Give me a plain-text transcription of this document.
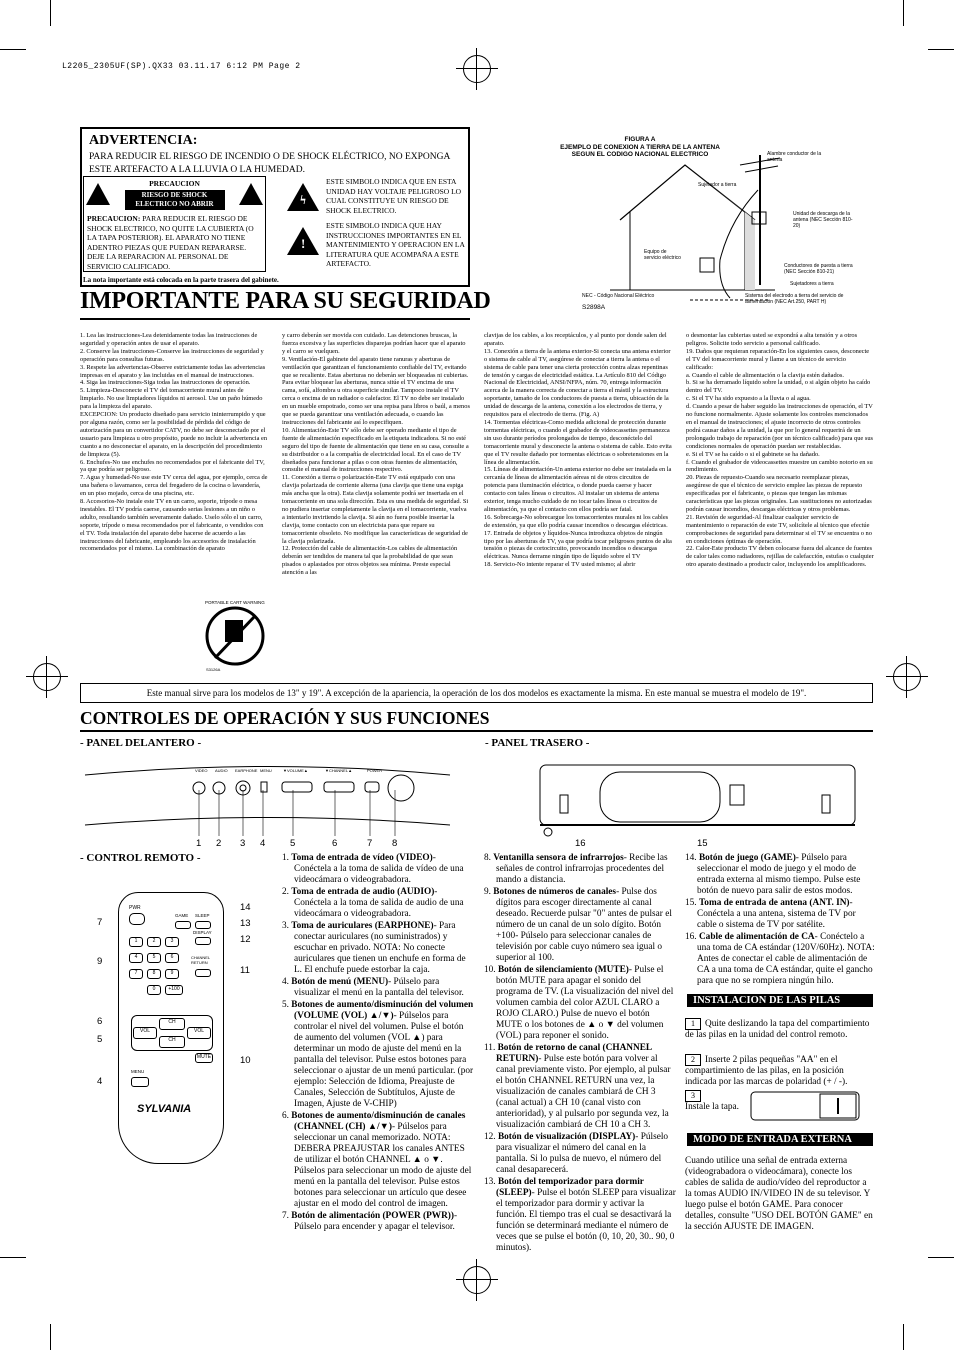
L2205_2305UF(SP).QX33 03.11.17 6:12 PM Page 2
ADVERTENCIA:
PARA REDUCIR EL RIESGO DE INCENDIO O DE SHOCK ELÉCTRICO, NO EXPONGA ESTE ARTEFACTO A LA LLUVIA O LA HUMEDAD.
PRECAUCION
RIESGO DE SHOCK ELECTRICO NO ABRIR
PRECAUCION: PARA REDUCIR EL RIESGO DE SHOCK ELECTRICO, NO QUITE LA CUBIERTA (O LA TAPA POSTERIOR). EL APARATO NO TIENE ADENTRO PIEZAS QUE PUEDAN REPARARSE. DEJE LA REPARACION AL PERSONAL DE SERVICIO CALIFICADO.
ϟ
!
ESTE SIMBOLO INDICA QUE EN ESTA UNIDAD HAY VOLTAJE PELIGROSO LO CUAL CONSTITUYE UN RIESGO DE SHOCK ELECTRICO.
ESTE SIMBOLO INDICA QUE HAY INSTRUCCIONES IMPORTANTES EN EL MANTENIMIENTO Y OPERACION EN LA LITERATURA QUE ACOMPAÑA A ESTE ARTEFACTO.
La nota importante está colocada en la parte trasera del gabinete.
IMPORTANTE PARA SU SEGURIDAD
FIGURA A
EJEMPLO DE CONEXION A TIERRA DE LA ANTENA
SEGUN EL CODIGO NACIONAL ELECTRICO	Alambre conductor de la antena
Sujetador a tierra
Unidad de descarga de la antena (NEC Sección 810-20)
Equipo de servicio eléctrico
Conductores de puesta a tierra (NEC Sección 810-21)
Sujetadores a tierra
NEC - Código Nacional Eléctrico
S2898A
Sistema del electrodo a tierra del servicio de alimentación (NEC Art.250, PART H)
1. Lea las instrucciones-Lea detenidamente todas las instrucciones de seguridad y operación antes de usar el aparato.
2. Conserve las instrucciones-Conserve las instrucciones de seguridad y operación para consultas futuras.
3. Respete las advertencias-Observe estrictamente todas las advertencias impresas en el aparato y las incluidas en el manual de instrucciones.
4. Siga las instrucciones-Siga todas las instrucciones de operación.
5. Limpieza-Desconecte el TV del tomacorriente mural antes de limpiarlo. No use limpiadores líquidos ni aerosol. Use un paño húmedo para la limpieza del aparato.
EXCEPCION: Un producto diseñado para servicio ininterrumpido y que por alguna razón, como ser la posibilidad de pérdida del código de autorización para un convertidor CATV, no debe ser desconectado por el usuario para limpieza u otro propósito, puede no incluir la advertencia en cuanto a no desconectar el aparato, en la descripción del procedimiento de limpieza (5).
6. Enchufes-No use enchufes no recomendados por el fabricante del TV, ya que podría ser peligroso.
7. Agua y humedad-No use este TV cerca del agua, por ejemplo, cerca de una bañera o lavamanos, cerca del fregadero de la cocina o lavandería, en un piso mojado, cerca de una piscina, etc.
8. Accesorios-No instale este TV en un carro, soporte, trípode o mesa inestables. El TV podría caerse, causando serias lesiones a un niño o adulto, resultando también severamente dañado. Uselo sólo el un carro, soporte, trípode o mesa recomendados por el fabricante, o vendidos con el TV. Toda instalación del aparato debe hacerse de acuerdo a las instrucciones del fabricante, empleando los accesorios de instalación recomendados por el mismo. La combinación de aparato
y carro deberán ser movida con cuidado. Las detenciones bruscas, la fuerza excesiva y las superficies disparejas podrían hacer que el aparato y el carro se vuelquen.
9. Ventilación-El gabinete del aparato tiene ranuras y aberturas de ventilación que garantizan el funcionamiento confiable del TV, evitando que se recaliente. Estas aberturas no deberán ser bloqueadas ni cubiertas. Para evitar bloquear las aberturas, nunca sitúe el TV encima de una cama, sofá, alfombra u otra superficie similar. Tampoco instale el TV cerca o encima de un radiador o calefactor. El TV no debe ser instalado en un mueble empotrado, como ser una repisa para libros o baúl, a menos que se pueda garantizar una ventilación adecuada, o cuando las instrucciones del fabricante así lo especifiquen.
10. Alimentación-Este TV sólo debe ser operado mediante el tipo de fuente de alimentación especificado en la etiqueta indicadora. Si no esté seguro del tipo de fuente de alimentación que tiene en su casa, consulte a su distribuidor o a la compañía de electricidad local. En el caso de TV diseñados para funcionar a pilas o con otras fuentes de alimentación, consulte el manual de instrucciones respectivo.
11. Conexión a tierra o polarización-Este TV está equipado con una clavija polarizada de corriente alterna (una clavija que tiene una espiga más ancha que la otra). Esta clavija solamente podrá ser insertada en el tomacorriente en una sola dirección. Esta es una medida de seguridad. Si no pudiera insertar completamente la clavija en el tomacorriente, vuelva a intentarlo invirtiendo la clavija. Si aún no fuera posible insertar la clavija, tome contacto con un electricista para que repare su tomacorriente obsoleto. No modifique las características de seguridad de la clavija polarizada.
12. Protección del cable de alimentación-Los cables de alimentación deberán ser tendidos de manera tal que la probabilidad de que sean pisados o aplastados por otros objetos sea mínima. Preste especial atención a las
clavijas de los cables, a los receptáculos, y al punto por donde salen del aparato.
13. Conexión a tierra de la antena exterior-Si conecta una antena exterior o sistema de cable al TV, asegúrese de conectar a tierra la antena o el sistema de cable para tener una cierta protección contra alzas repentinas de tensión y cargas de electricidad estática. La Artículo 810 del Código Nacional de Electricidad, ANSI/NFPA, núm. 70, entrega información acerca de la manera correcta de conectar a tierra el mástil y la estructura soportante, tamaño de los conductores de puesta a tierra, ubicación de la unidad de descarga de la antena, conexión a los electrodos de tierra, y requisitos para el electrodo de tierra. (Fig. A)
14. Tormentas eléctricas-Como medida adicional de protección durante tormentas eléctricas, o cuando el grabador de videocassettes permanezca sin uso durante períodos prolongados de tiempo, desconéctelo del tomacorriente mural y desconecte la antena o sistema de cable. Esto evita que el TV resulte dañado por tormentas eléctricas o sobretensiones en la línea de alimentación.
15. Líneas de alimentación-Un antena exterior no debe ser instalada en la cercanía de líneas de alimentación aéreas ni de otros circuitos de potencia para iluminación eléctrica, o donde pueda caerse y hacer contacto con tales líneas o circuitos. Al instalar un sistema de antena exterior, tenga mucho cuidado de no tocar tales líneas o circuitos de alimentación, ya que el contacto con ellos podría ser fatal.
16. Sobrecarga-No sobrecargue los tomacorrientes murales ni los cables de extensión, ya que ello podría causar incendios o descargas eléctricas.
17. Entrada de objetos y líquidos-Nunca introduzca objetos de ningún tipo por las aberturas de TV, ya que podría tocar peligrosos puntos de alta tensión o piezas de cortocircuito, provocando incendios o descargas eléctricas. Nunca derrame ningún tipo de líquido sobre el TV
18. Servicio-No intente reparar el TV usted mismo; al abrir
o desmontar las cubiertas usted se expondrá a alta tensión y a otros peligros. Solicite todo servicio a personal calificado.
19. Daños que requieran reparación-En los siguientes casos, desconecte el TV del tomacorriente mural y llame a un técnico de servicio calificado:
a. Cuando el cable de alimentación o la clavija estén dañados.
b. Si se ha derramado líquido sobre la unidad, o si algún objeto ha caído dentro del TV.
c. Si el TV ha sido expuesto a la lluvia o al agua.
d. Cuando a pesar de haber seguido las instrucciones de operación, el TV no funcione normalmente. Ajuste solamente los controles mencionados en el manual de instrucciones; el ajuste incorrecto de otros controles podrá causar daños a la unidad, la que por lo general requerirá de un prolongado trabajo de reparación (por un técnico calificado) para que sus condiciones normales de operación puedan ser restablecidas.
e. Si el TV se ha caído o si el gabinete se ha dañado.
f. Cuando el grabador de videocassettes muestre un cambio notorio en su rendimiento.
20. Piezas de repuesto-Cuando sea necesario reemplazar piezas, asegúrese de que el técnico de servicio emplee las piezas de repuesto especificadas por el fabricante, o piezas que tengan las mismas características que las piezas originales. Las sustituciones no autorizadas podrán causar incendios, descargas eléctricas y otros problemas.
21. Revisión de seguridad-Al finalizar cualquier servicio de mantenimiento o reparación de este TV, solicítele al técnico que efectúe comprobaciones de seguridad para determinar si el TV se encuentra o no en condiciones óptimas de operación.
22. Calor-Este producto TV deben colocarse fuera del alcance de fuentes de calor tales como radiadores, rejillas de calefacción, estufas o cualquier otro aparato destinado a producir calor, incluyendo los amplificadores.
PORTABLE CART WARNING
S3126A
Este manual sirve para los modelos de 13" y 19". A excepción de la apariencia, la operación de los dos modelos es exactamente la misma. En este manual se muestra el modelo de 19".
CONTROLES DE OPERACIÓN Y SUS FUNCIONES
- PANEL DELANTERO -	- PANEL TRASERO -
VIDEO AUDIO EARPHONE MENU	▼VOLUME▲	▼CHANNEL▲	POWER
1 2 3 4	5	6	7 8	16	15
- CONTROL REMOTO -
PWR
GAME SLEEP
DISPLAY
CHANNEL RETURN
1	2	3
4	5	6
7	8	9
0	+100
CH
CH
VOL	VOL
MUTE
MENU
SYLVANIA
7
9
6
5
4
14
13
12
11
10
1. Toma de entrada de vídeo (VIDEO)- Conéctela a la toma de salida de vídeo de una videocámara o videograbadora.
2. Toma de entrada de audio (AUDIO)- Conéctela a la toma de salida de audio de una videocámara o videograbadora.
3. Toma de auriculares (EARPHONE)- Para conectar auriculares (no suministrados) y escuchar en privado. NOTA: No conecte auriculares que tienen un enchufe en forma de L. El enchufe puede estorbar la caja.
4. Botón de menú (MENU)- Púlselo para visualizar el menú en la pantalla del televisor.
5. Botones de aumento/disminución del volumen (VOLUME (VOL) ▲/▼)- Púlselos para controlar el nivel del volumen. Pulse el botón de aumento del volumen (VOL ▲) para determinar un modo de ajuste del menú en la pantalla del televisor. Pulse estos botones para seleccionar o ajustar de un menú particular. (por ejemplo: Selección de Idioma, Preajuste de Canales, Selección de Subtítulos, Ajuste de Imagen, Ajuste de V-CHIP)
6. Botones de aumento/disminución de canales (CHANNEL (CH) ▲/▼)- Púlselos para seleccionar un canal memorizado. NOTA: DEBERA PREAJUSTAR los canales ANTES de utilizar el botón CHANNEL ▲ o ▼. Púlselos para seleccionar un modo de ajuste del menú en la pantalla del televisor. Pulse estos botones para seleccionar un artículo que desee ajustar en el modo del control de imagen.
7. Botón de alimentación (POWER (PWR))- Púlselo para encender y apagar el televisor.
8. Ventanilla sensora de infrarrojos- Recibe las señales de control infrarrojas procedentes del mando a distancia.
9. Botones de números de canales- Pulse dos dígitos para escoger directamente al canal deseado. Recuerde pulsar "0" antes de pulsar el número de un canal de un solo dígito. Botón +100- Púlselo para seleccionar canales de televisión por cable cuyo número sea igual o superior al 100.
10. Botón de silenciamiento (MUTE)- Pulse el botón MUTE para apagar el sonido del programa de TV. (La visualización del nivel del volumen cambia del color AZUL CLARO a ROJO CLARO.) Pulse de nuevo el botón MUTE o los botones de ▲ o ▼ del volumen (VOL) para reponer el sonido.
11. Botón de retorno de canal (CHANNEL RETURN)- Pulse este botón para volver al canal previamente visto. Por ejemplo, al pulsar el botón CHANNEL RETURN una vez, la visualización de canales cambiará de CH 3 (canal actual) a CH 10 (canal visto con anterioridad), y al pulsarlo por segunda vez, la visualización cambiará de CH 10 a CH 3.
12. Botón de visualización (DISPLAY)- Púlselo para visualizar el número del canal en la pantalla. Si lo pulsa de nuevo, el número del canal desaparecerá.
13. Botón del temporizador para dormir (SLEEP)- Pulse el botón SLEEP para visualizar el temporizador para dormir y activar la función. El tiempo tras el cual se desactivará la función se determinará mediante el número de veces que se pulse el botón (0, 10, 20, 30.. 90, 0 minutos).
14. Botón de juego (GAME)- Púlselo para seleccionar el modo de juego y el modo de entrada externa al mismo tiempo. Pulse este botón de nuevo para salir de estos modos.
15. Toma de entrada de antena (ANT. IN)- Conéctela a una antena, sistema de TV por cable o sistema de TV por satélite.
16. Cable de alimentación de CA- Conéctelo a una toma de CA estándar (120V/60Hz). NOTA: Antes de conectar el cable de alimentación de CA a una toma de CA estándar, quite el gancho para que no se rompiera ningún hilo.
INSTALACION DE LAS PILAS
1 Quite deslizando la tapa del compartimiento de las pilas en la unidad del control remoto.
2 Inserte 2 pilas pequeñas "AA" en el compartimiento de las pilas, en la posición indicada por las marcas de polaridad (+ / -).
3
Instale la tapa.
MODO DE ENTRADA EXTERNA
Cuando utilice una señal de entrada externa (videograbadora o videocámara), conecte los cables de salida de audio/vídeo del reproductor a la tomas AUDIO IN/VIDEO IN de su televisor. Y luego pulse el botón GAME. Para conocer detalles, consulte "USO DEL BOTÓN GAME" en la sección AJUSTE DE IMAGEN.
